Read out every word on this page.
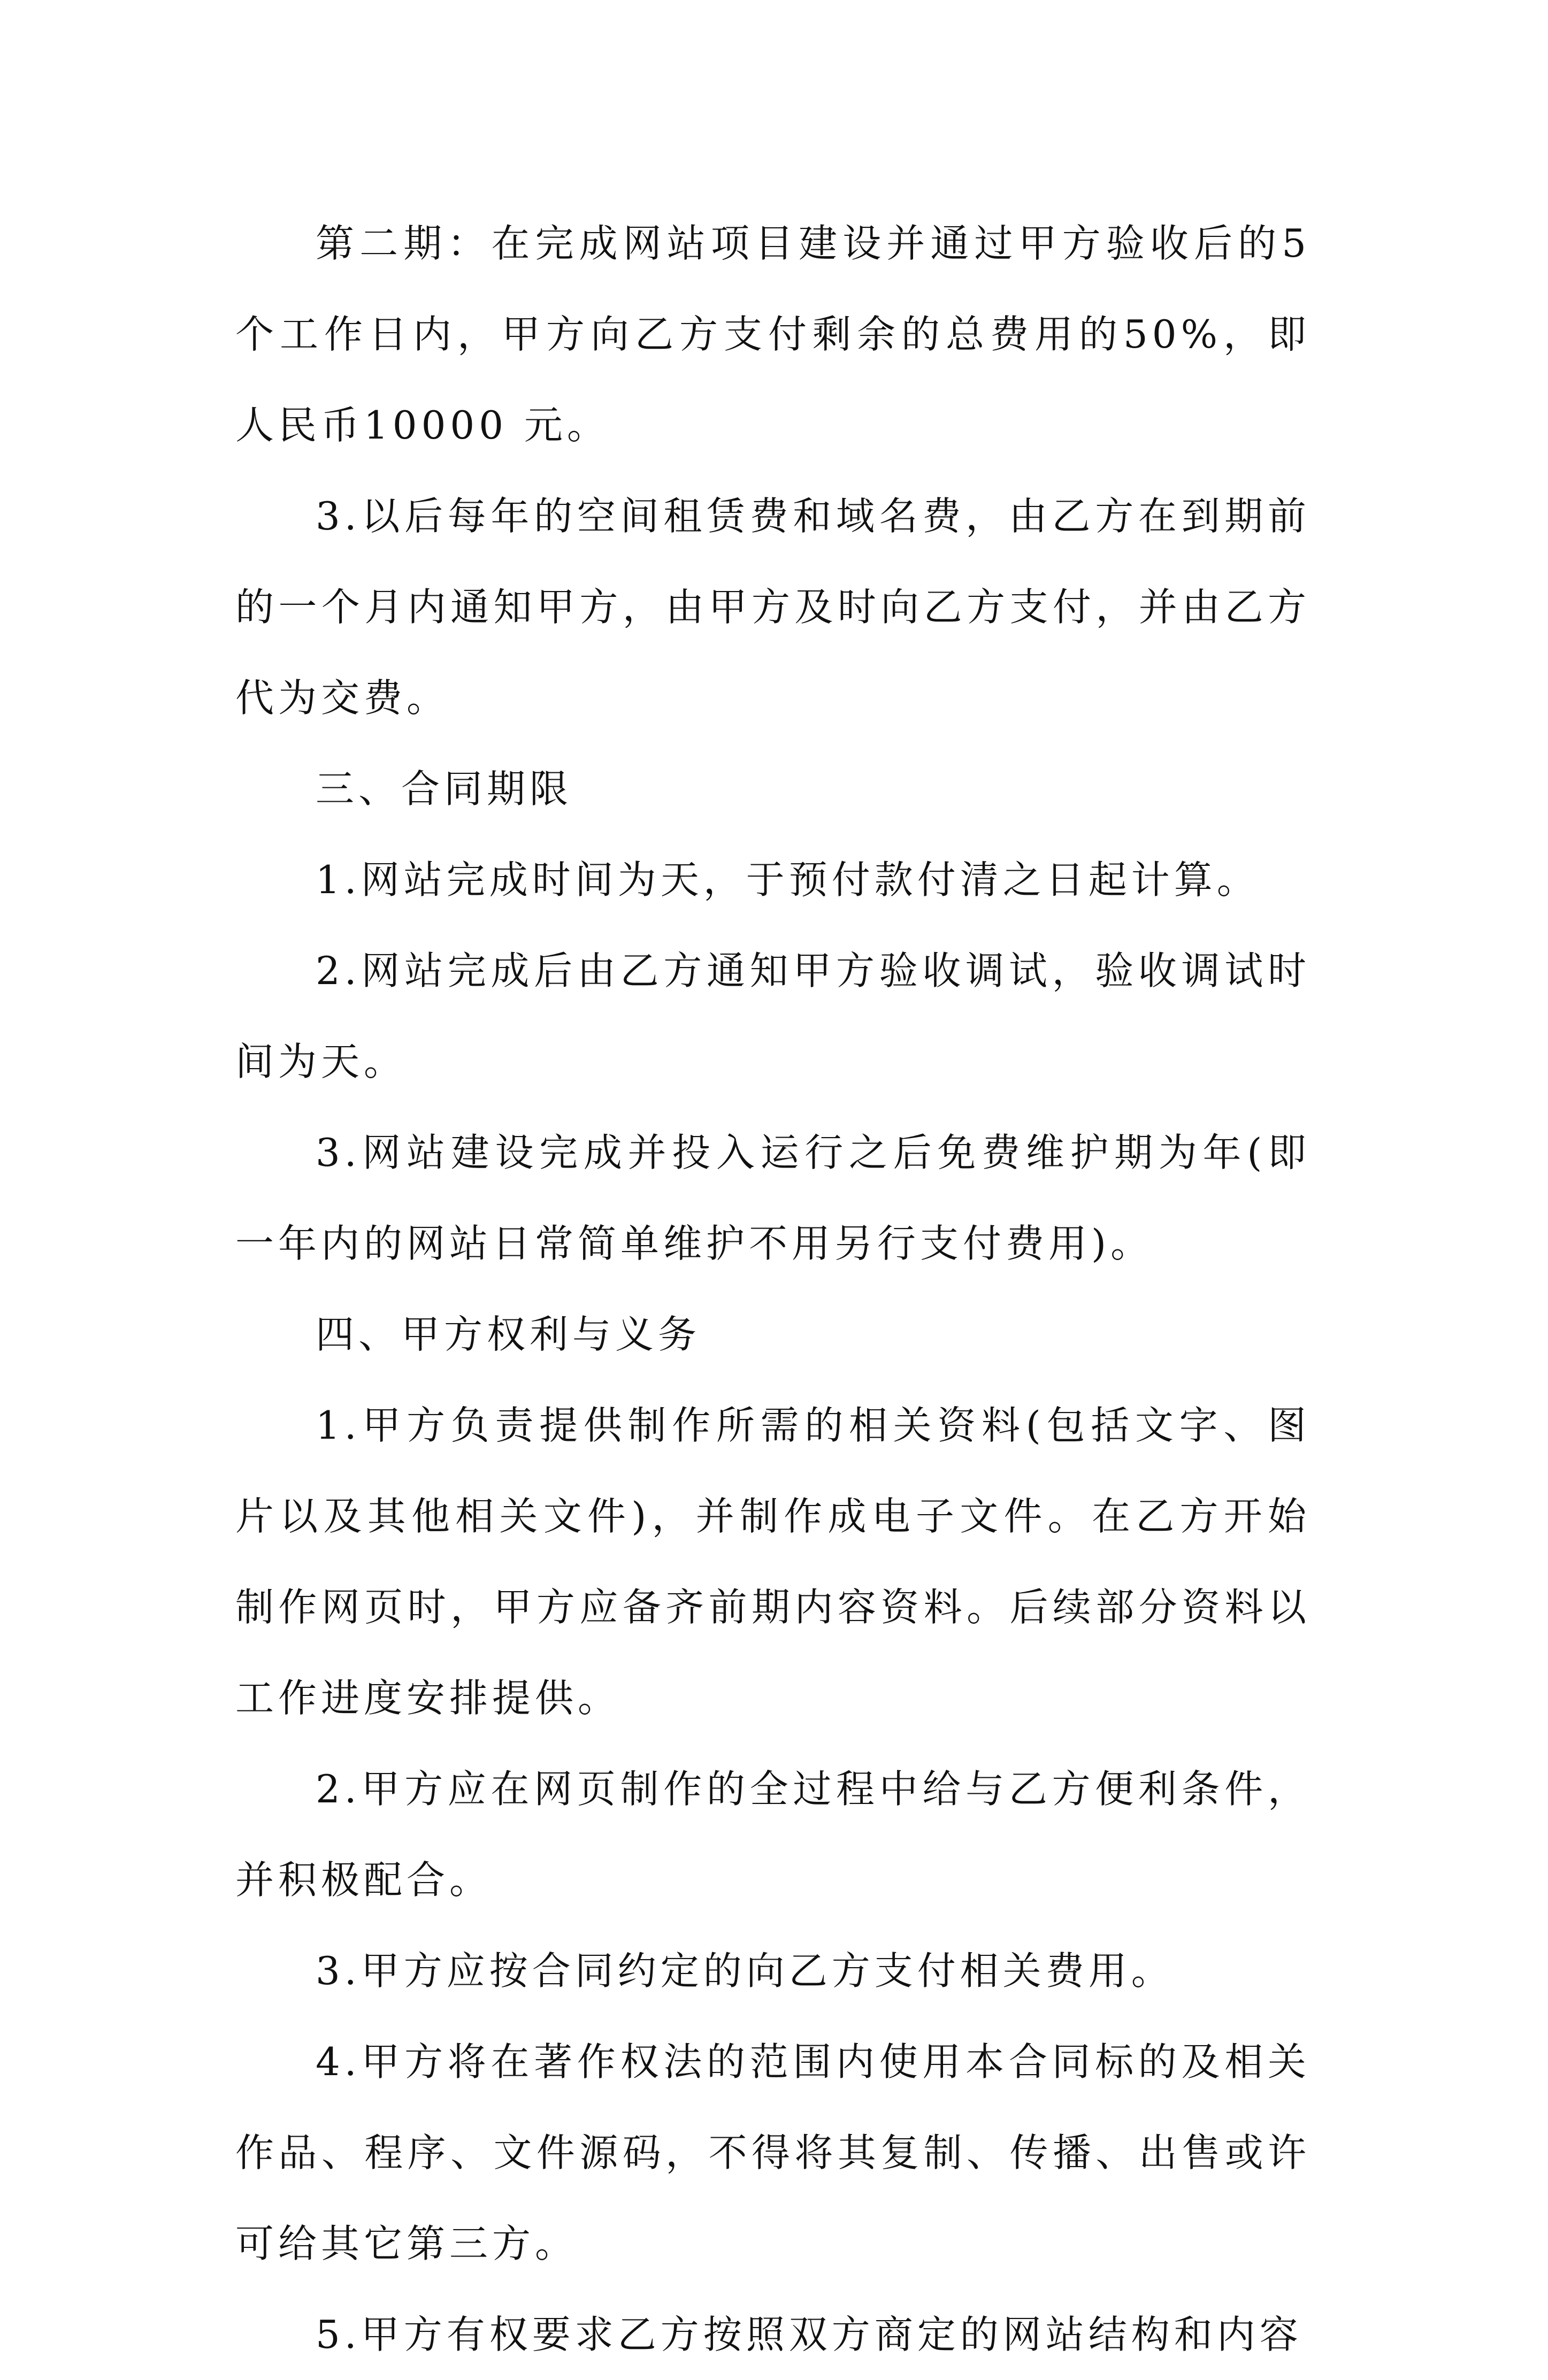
第二期：在完成网站项目建设并通过甲方验收后的5个工作日内，甲方向乙方支付剩余的总费用的50%，即人民币10000 元。

3.以后每年的空间租赁费和域名费，由乙方在到期前的一个月内通知甲方，由甲方及时向乙方支付，并由乙方代为交费。

三、合同期限

1.网站完成时间为天，于预付款付清之日起计算。

2.网站完成后由乙方通知甲方验收调试，验收调试时间为天。

3.网站建设完成并投入运行之后免费维护期为年(即一年内的网站日常简单维护不用另行支付费用)。

四、甲方权利与义务

1.甲方负责提供制作所需的相关资料(包括文字、图片以及其他相关文件)，并制作成电子文件。在乙方开始制作网页时，甲方应备齐前期内容资料。后续部分资料以工作进度安排提供。

2.甲方应在网页制作的全过程中给与乙方便利条件，并积极配合。

3.甲方应按合同约定的向乙方支付相关费用。

4.甲方将在著作权法的范围内使用本合同标的及相关作品、程序、文件源码，不得将其复制、传播、出售或许可给其它第三方。

5.甲方有权要求乙方按照双方商定的网站结构和内容
